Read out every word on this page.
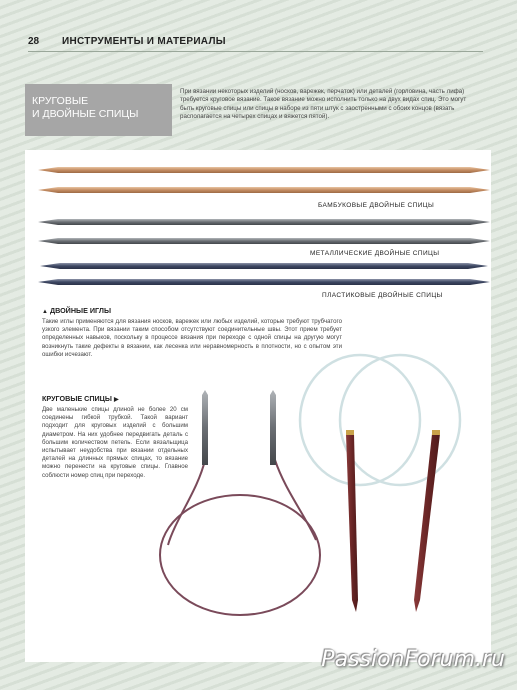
28 ИНСТРУМЕНТЫ И МАТЕРИАЛЫ
КРУГОВЫЕ
И ДВОЙНЫЕ СПИЦЫ
При вязании некоторых изделий (носков, варежек, перчаток) или деталей (горловина, часть лифа) требуется круговое вязание. Такое вязание можно исполнить только на двух видах спиц. Это могут быть круговые спицы или спицы в наборе из пяти штук с заостренными с обоих концов (вязать располагается на четырех спицах и вяжется пятой).
БАМБУКОВЫЕ ДВОЙНЫЕ СПИЦЫ
МЕТАЛЛИЧЕСКИЕ ДВОЙНЫЕ СПИЦЫ
ПЛАСТИКОВЫЕ ДВОЙНЫЕ СПИЦЫ
▲ ДВОЙНЫЕ ИГЛЫ
Такие иглы применяются для вязания носков, варежек или любых изделий, которые требуют трубчатого узкого элемента. При вязании таким способом отсутствуют соединительные швы. Этот прием требует определенных навыков, поскольку в процессе вязания при переходе с одной спицы на другую могут возникнуть такие дефекты в вязании, как лесенка или неравномерность в плотности, но с опытом эти ошибки исчезают.
КРУГОВЫЕ СПИЦЫ ▶
Две маленькие спицы длиной не более 20 см соединены гибкой трубкой. Такой вариант подходит для круговых изделий с большим диаметром. На них удобнее передвигать деталь с большим количеством петель. Если вязальщица испытывает неудобства при вязании отдельных деталей на длинных прямых спицах, то вязание можно перенести на круговые спицы. Главное соблюсти номер спиц при переходе.
PassionForum.ru
